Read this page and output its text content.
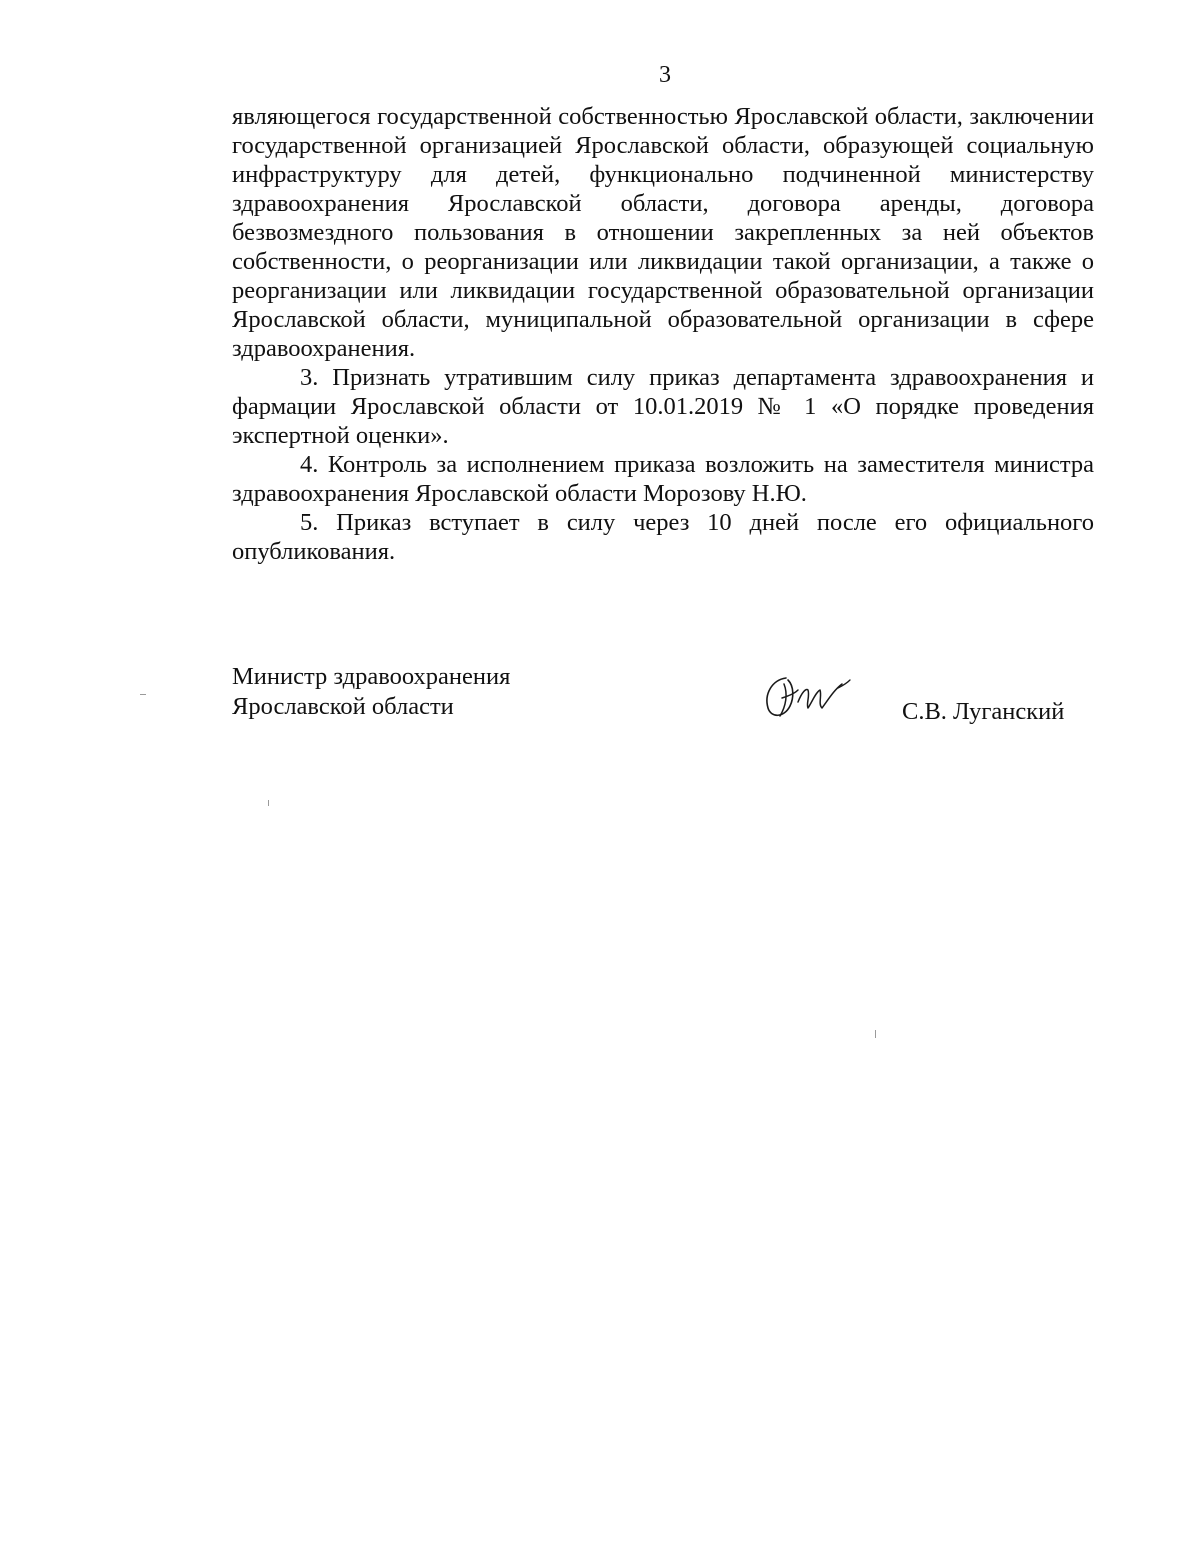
3

являющегося государственной собственностью Ярославской области, заключении государственной организацией Ярославской области, образующей социальную инфраструктуру для детей, функционально подчиненной министерству здравоохранения Ярославской области, договора аренды, договора безвозмездного пользования в отношении закрепленных за ней объектов собственности, о реорганизации или ликвидации такой организации, а также о реорганизации или ликвидации государственной образовательной организации Ярославской области, муниципальной образовательной организации в сфере здравоохранения.

3. Признать утратившим силу приказ департамента здравоохранения и фармации Ярославской области от 10.01.2019 № 1 «О порядке проведения экспертной оценки».

4. Контроль за исполнением приказа возложить на заместителя министра здравоохранения Ярославской области Морозову Н.Ю.

5. Приказ вступает в силу через 10 дней после его официального опубликования.

Министр здравоохранения
Ярославской области	С.В. Луганский
